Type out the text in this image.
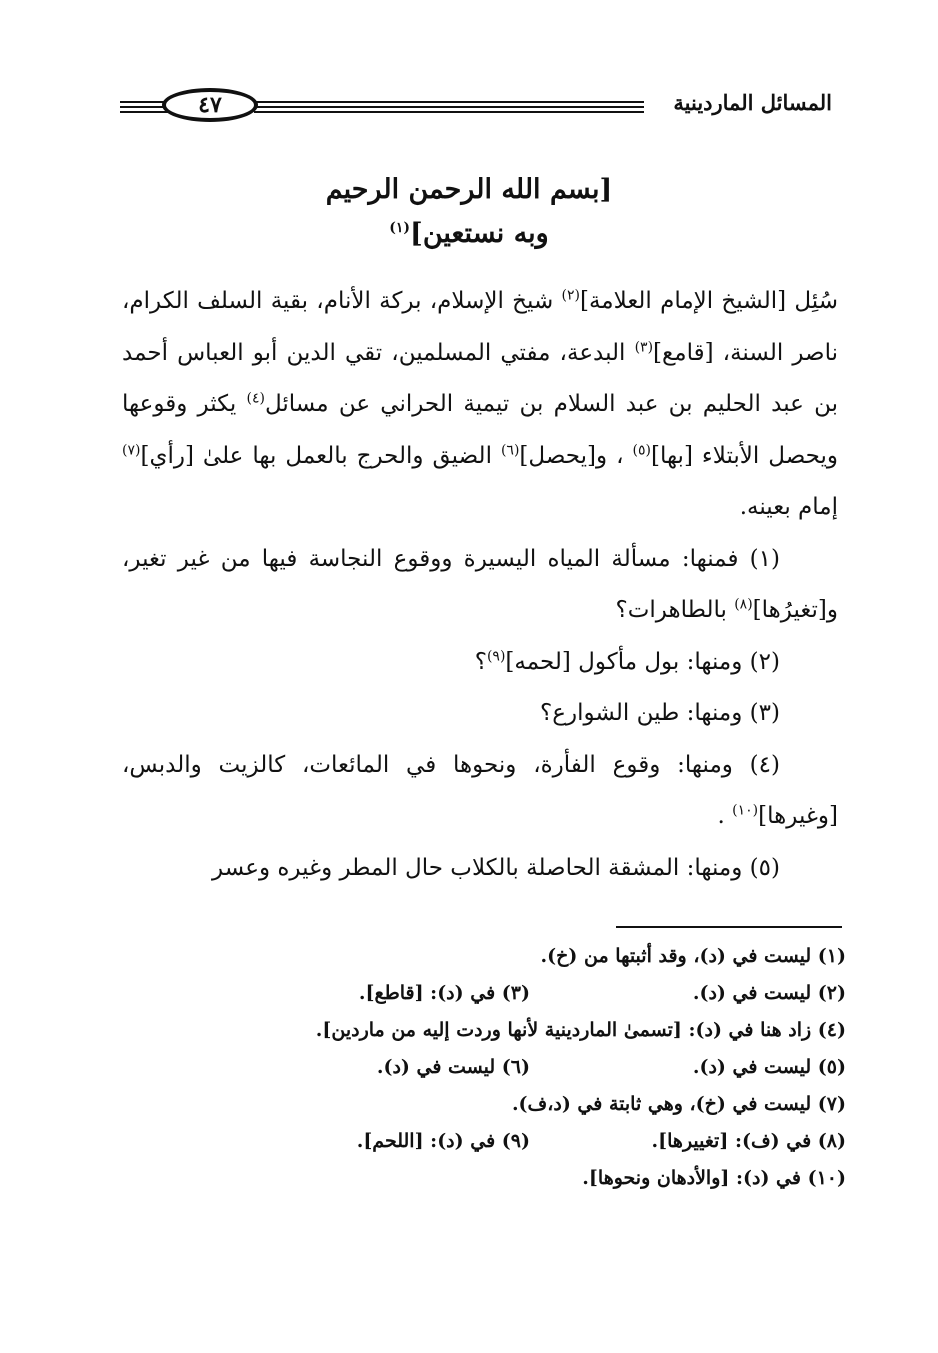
المسائل الماردينية
٤٧
[بسم الله الرحمن الرحيم
وبه نستعين]$^{(١)}$

سُئِل [الشيخ الإمام العلامة]$^{(٢)}$ شيخ الإسلام، بركة الأنام، بقية السلف الكرام، ناصر السنة، [قامع]$^{(٣)}$ البدعة، مفتي المسلمين، تقي الدين أبو العباس أحمد بن عبد الحليم بن عبد السلام بن تيمية الحراني عن مسائل$^{(٤)}$ يكثر وقوعها ويحصل الأبتلاء [بها]$^{(٥)}$ ، و[يحصل]$^{(٦)}$ الضيق والحرج بالعمل بها علىٰ [رأي]$^{(٧)}$ إمام بعينه.

(١) فمنها: مسألة المياه اليسيرة ووقوع النجاسة فيها من غير تغير، و[تغيرُها]$^{(٨)}$ بالطاهرات؟

(٢) ومنها: بول مأكول [لحمه]$^{(٩)}$؟

(٣) ومنها: طين الشوارع؟

(٤) ومنها: وقوع الفأرة، ونحوها في المائعات، كالزيت والدبس، [وغيرها]$^{(١٠)}$ .

(٥) ومنها: المشقة الحاصلة بالكلاب حال المطر وغيره وعسر

(١) ليست في (د)، وقد أثبتها من (خ).
(٢) ليست في (د).
(٣) في (د): [قاطع].
(٤) زاد هنا في (د): [تسمىٰ الماردينية لأنها وردت إليه من ماردين].
(٥) ليست في (د).
(٦) ليست في (د).
(٧) ليست في (خ)، وهي ثابتة في (د،ف).
(٨) في (ف): [تغييرها].
(٩) في (د): [اللحم].
(١٠) في (د): [والأدهان ونحوها].
